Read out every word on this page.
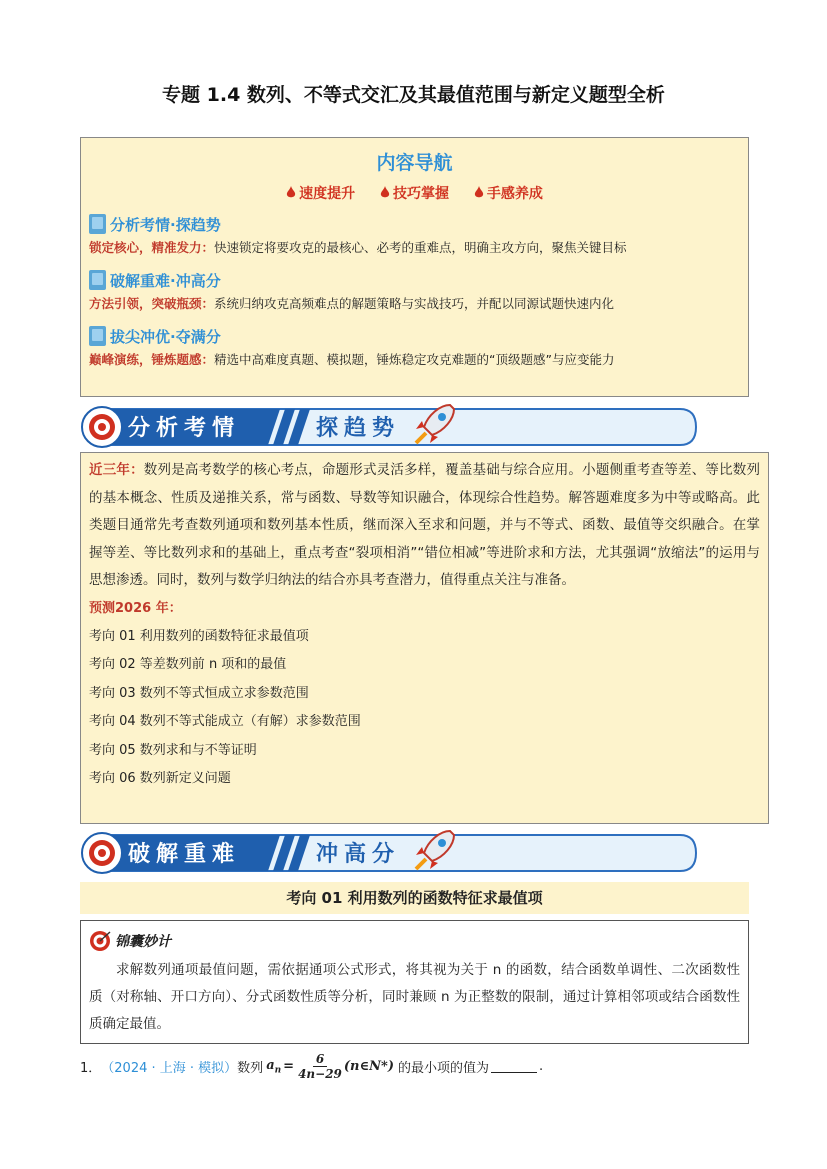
专题 1.4 数列、不等式交汇及其最值范围与新定义题型全析
内容导航
速度提升	技巧掌握	手感养成
分析考情·探趋势
锁定核心，精准发力：快速锁定将要攻克的最核心、必考的重难点，明确主攻方向，聚焦关键目标
破解重难·冲高分
方法引领，突破瓶颈：系统归纳攻克高频难点的解题策略与实战技巧，并配以同源试题快速内化
拔尖冲优·夺满分
巅峰演练，锤炼题感：精选中高难度真题、模拟题，锤炼稳定攻克难题的“顶级题感”与应变能力
分析考情	探趋势
近三年：数列是高考数学的核心考点，命题形式灵活多样，覆盖基础与综合应用。小题侧重考查等差、等比数列的基本概念、性质及递推关系，常与函数、导数等知识融合，体现综合性趋势。解答题难度多为中等或略高。此类题目通常先考查数列通项和数列基本性质，继而深入至求和问题，并与不等式、函数、最值等交织融合。在掌握等差、等比数列求和的基础上，重点考查“裂项相消”“错位相减”等进阶求和方法，尤其强调“放缩法”的运用与思想渗透。同时，数列与数学归纳法的结合亦具考查潜力，值得重点关注与准备。
预测2026 年：
考向 01 利用数列的函数特征求最值项
考向 02 等差数列前 n 项和的最值
考向 03 数列不等式恒成立求参数范围
考向 04 数列不等式能成立（有解）求参数范围
考向 05 数列求和与不等证明
考向 06 数列新定义问题
破解重难	冲高分
考向 01 利用数列的函数特征求最值项
锦囊妙计
求解数列通项最值问题，需依据通项公式形式，将其视为关于 n 的函数，结合函数单调性、二次函数性质（对称轴、开口方向）、分式函数性质等分析，同时兼顾 n 为正整数的限制，通过计算相邻项或结合函数性质确定最值。
1． （2024 · 上海 · 模拟） 数列 $a_n = \frac{6}{4n-29}$ (n∈N*) 的最小项的值为	.
